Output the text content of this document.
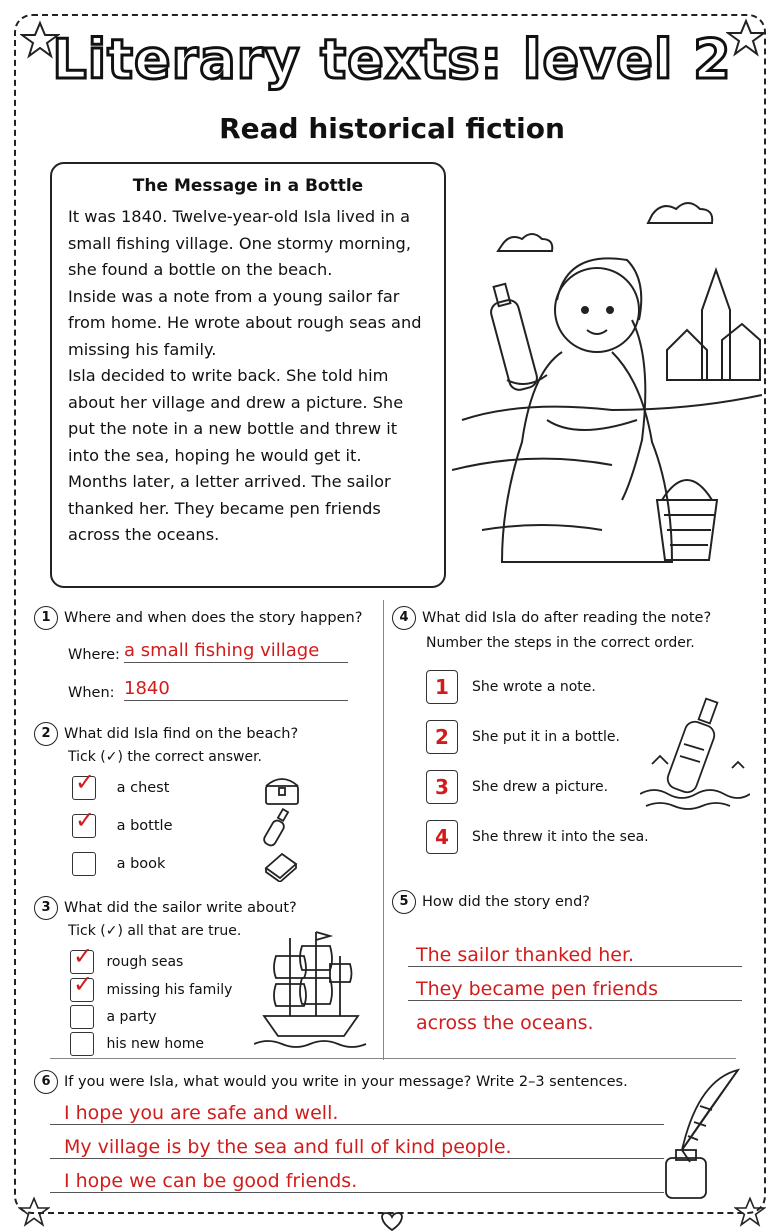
Literary texts: level 2
Read historical fiction
The Message in a Bottle

It was 1840. Twelve-year-old Isla lived in a small fishing village. One stormy morning, she found a bottle on the beach.

Inside was a note from a young sailor far from home. He wrote about rough seas and missing his family.

Isla decided to write back. She told him about her village and drew a picture. She put the note in a new bottle and threw it into the sea, hoping he would get it.

Months later, a letter arrived. The sailor thanked her. They became pen friends across the oceans.

1 Where and when does the story happen?
Where: a small fishing village
When: 1840
2 What did Isla find on the beach?
Tick (✓) the correct answer.
✓ a chest
✓ a bottle
a book
3 What did the sailor write about?
Tick (✓) all that are true.
✓ rough seas
✓ missing his family
a party
his new home
4 What did Isla do after reading the note?
Number the steps in the correct order.
1	She wrote a note.
2	She put it in a bottle.
3	She drew a picture.
4	She threw it into the sea.
5 How did the story end?
The sailor thanked her.
They became pen friends
across the oceans.
6 If you were Isla, what would you write in your message? Write 2–3 sentences.
I hope you are safe and well.
My village is by the sea and full of kind people.
I hope we can be good friends.
